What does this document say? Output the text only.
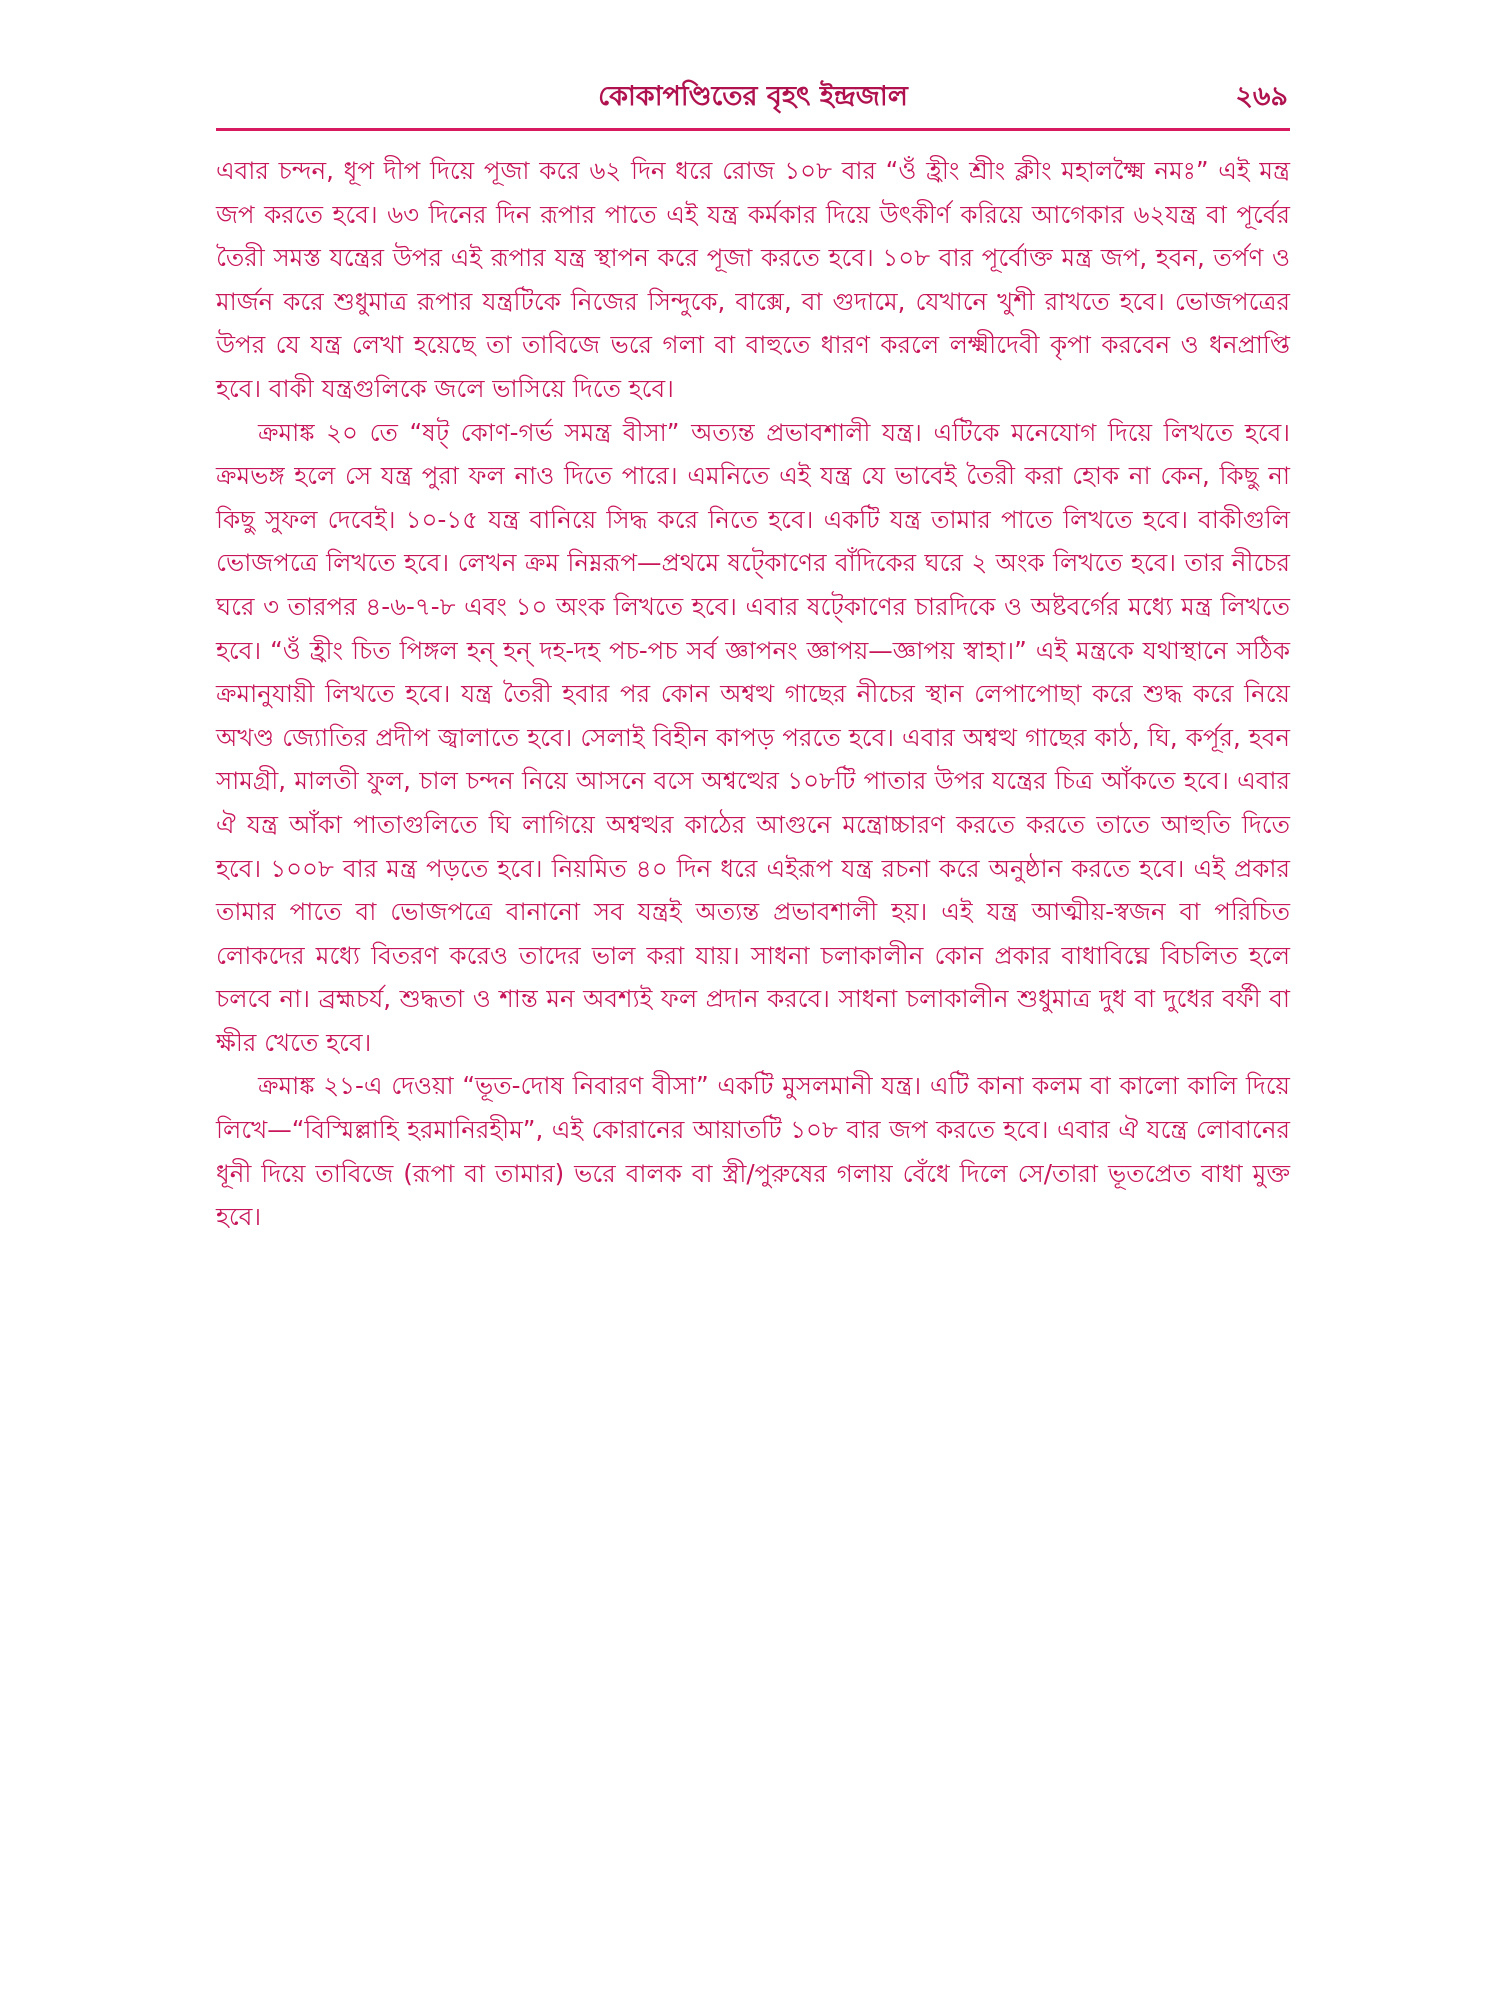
কোকাপণ্ডিতের বৃহৎ ইন্দ্রজাল	২৬৯

এবার চন্দন, ধূপ দীপ দিয়ে পূজা করে ৬২ দিন ধরে রোজ ১০৮ বার “ওঁ হ্রীং শ্রীং ক্লীং মহালক্ষ্মৈ নমঃ” এই মন্ত্র জপ করতে হবে। ৬৩ দিনের দিন রূপার পাতে এই যন্ত্র কর্মকার দিয়ে উৎকীর্ণ করিয়ে আগেকার ৬২যন্ত্র বা পূর্বের তৈরী সমস্ত যন্ত্রের উপর এই রূপার যন্ত্র স্থাপন করে পূজা করতে হবে। ১০৮ বার পূর্বোক্ত মন্ত্র জপ, হবন, তর্পণ ও মার্জন করে শুধুমাত্র রূপার যন্ত্রটিকে নিজের সিন্দুকে, বাক্সে, বা গুদামে, যেখানে খুশী রাখতে হবে। ভোজপত্রের উপর যে যন্ত্র লেখা হয়েছে তা তাবিজে ভরে গলা বা বাহুতে ধারণ করলে লক্ষ্মীদেবী কৃপা করবেন ও ধনপ্রাপ্তি হবে। বাকী যন্ত্রগুলিকে জলে ভাসিয়ে দিতে হবে।

ক্রমাঙ্ক ২০ তে “ষট্ কোণ-গর্ভ সমন্ত্র বীসা” অত্যন্ত প্রভাবশালী যন্ত্র। এটিকে মনেযোগ দিয়ে লিখতে হবে। ক্রমভঙ্গ হলে সে যন্ত্র পুরা ফল নাও দিতে পারে। এমনিতে এই যন্ত্র যে ভাবেই তৈরী করা হোক না কেন, কিছু না কিছু সুফল দেবেই। ১০-১৫ যন্ত্র বানিয়ে সিদ্ধ করে নিতে হবে। একটি যন্ত্র তামার পাতে লিখতে হবে। বাকীগুলি ভোজপত্রে লিখতে হবে। লেখন ক্রম নিম্নরূপ—প্রথমে ষট্কোণের বাঁদিকের ঘরে ২ অংক লিখতে হবে। তার নীচের ঘরে ৩ তারপর ৪-৬-৭-৮ এবং ১০ অংক লিখতে হবে। এবার ষট্কোণের চারদিকে ও অষ্টবর্গের মধ্যে মন্ত্র লিখতে হবে। “ওঁ হ্রীং চিত পিঙ্গল হন্ হন্ দহ-দহ পচ-পচ সর্ব জ্ঞাপনং জ্ঞাপয়—জ্ঞাপয় স্বাহা।” এই মন্ত্রকে যথাস্থানে সঠিক ক্রমানুযায়ী লিখতে হবে। যন্ত্র তৈরী হবার পর কোন অশ্বত্থ গাছের নীচের স্থান লেপাপোছা করে শুদ্ধ করে নিয়ে অখণ্ড জ্যোতির প্রদীপ জ্বালাতে হবে। সেলাই বিহীন কাপড় পরতে হবে। এবার অশ্বত্থ গাছের কাঠ, ঘি, কর্পূর, হবন সামগ্রী, মালতী ফুল, চাল চন্দন নিয়ে আসনে বসে অশ্বত্থের ১০৮টি পাতার উপর যন্ত্রের চিত্র আঁকতে হবে। এবার ঐ যন্ত্র আঁকা পাতাগুলিতে ঘি লাগিয়ে অশ্বত্থর কাঠের আগুনে মন্ত্রোচ্চারণ করতে করতে তাতে আহুতি দিতে হবে। ১০০৮ বার মন্ত্র পড়তে হবে। নিয়মিত ৪০ দিন ধরে এইরূপ যন্ত্র রচনা করে অনুষ্ঠান করতে হবে। এই প্রকার তামার পাতে বা ভোজপত্রে বানানো সব যন্ত্রই অত্যন্ত প্রভাবশালী হয়। এই যন্ত্র আত্মীয়-স্বজন বা পরিচিত লোকদের মধ্যে বিতরণ করেও তাদের ভাল করা যায়। সাধনা চলাকালীন কোন প্রকার বাধাবিঘ্নে বিচলিত হলে চলবে না। ব্রহ্মচর্য, শুদ্ধতা ও শান্ত মন অবশ্যই ফল প্রদান করবে। সাধনা চলাকালীন শুধুমাত্র দুধ বা দুধের বর্ফী বা ক্ষীর খেতে হবে।

ক্রমাঙ্ক ২১-এ দেওয়া “ভূত-দোষ নিবারণ বীসা” একটি মুসলমানী যন্ত্র। এটি কানা কলম বা কালো কালি দিয়ে লিখে—“বিস্মিল্লাহি হরমানিরহীম”, এই কোরানের আয়াতটি ১০৮ বার জপ করতে হবে। এবার ঐ যন্ত্রে লোবানের ধূনী দিয়ে তাবিজে (রূপা বা তামার) ভরে বালক বা স্ত্রী/পুরুষের গলায় বেঁধে দিলে সে/তারা ভূতপ্রেত বাধা মুক্ত হবে।
